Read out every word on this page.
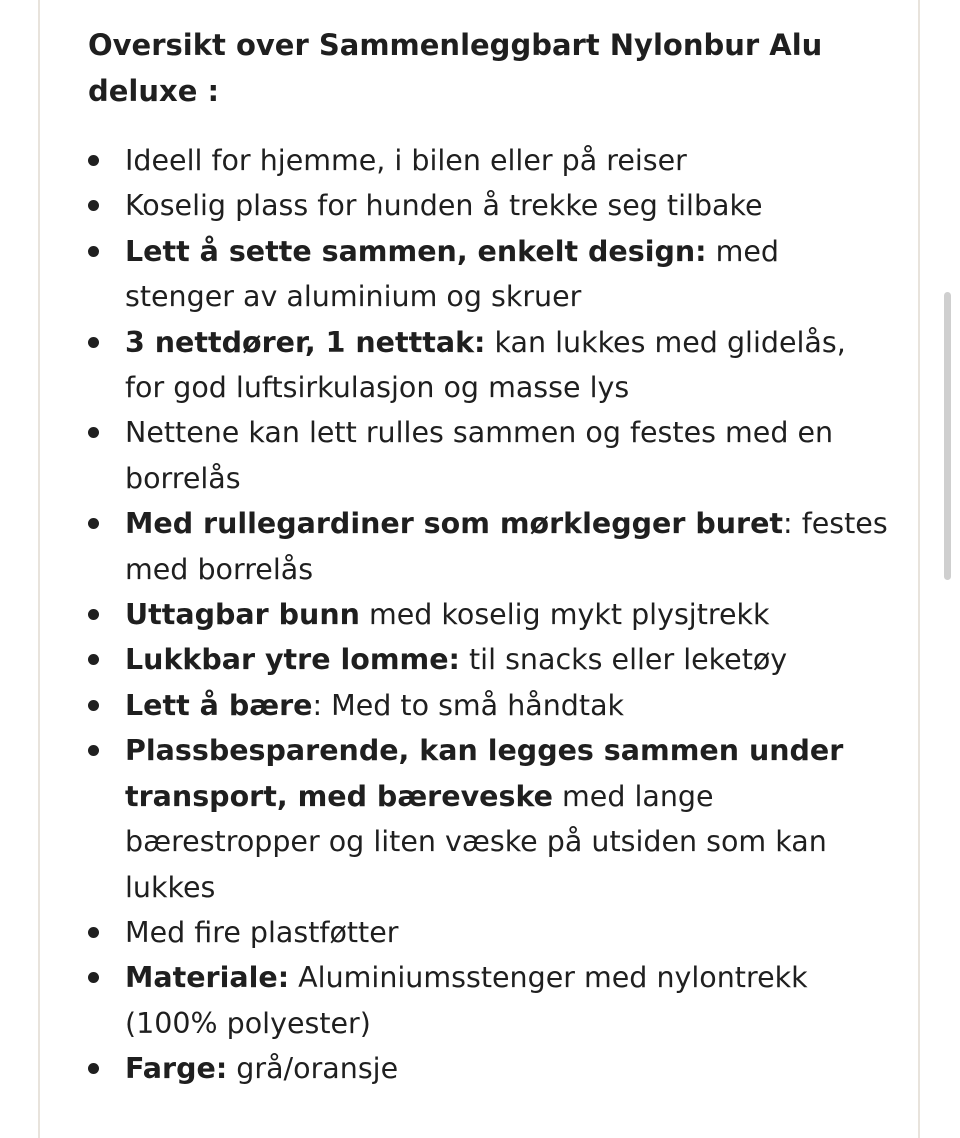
Oversikt over Sammenleggbart Nylonbur Alu deluxe :
Ideell for hjemme, i bilen eller på reiser
Koselig plass for hunden å trekke seg tilbake
Lett å sette sammen, enkelt design: med stenger av aluminium og skruer
3 nettdører, 1 netttak: kan lukkes med glidelås, for god luftsirkulasjon og masse lys
Nettene kan lett rulles sammen og festes med en borrelås
Med rullegardiner som mørklegger buret: festes med borrelås
Uttagbar bunn med koselig mykt plysjtrekk
Lukkbar ytre lomme: til snacks eller leketøy
Lett å bære: Med to små håndtak
Plassbesparende, kan legges sammen under transport, med bæreveske med lange bærestropper og liten væske på utsiden som kan lukkes
Med fire plastføtter
Materiale: Aluminiumsstenger med nylontrekk (100% polyester)
Farge: grå/oransje
